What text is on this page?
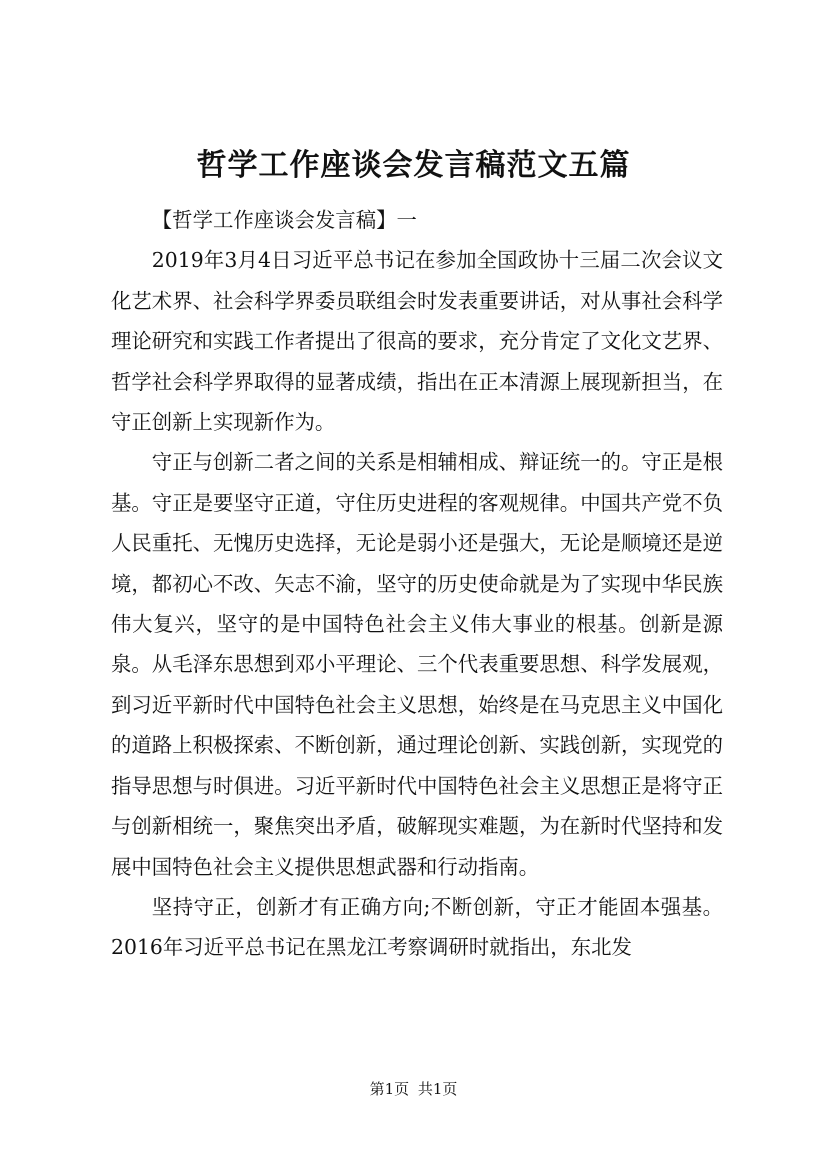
哲学工作座谈会发言稿范文五篇

【哲学工作座谈会发言稿】一

2019年3月4日习近平总书记在参加全国政协十三届二次会议文化艺术界、社会科学界委员联组会时发表重要讲话，对从事社会科学理论研究和实践工作者提出了很高的要求，充分肯定了文化文艺界、哲学社会科学界取得的显著成绩，指出在正本清源上展现新担当，在守正创新上实现新作为。

守正与创新二者之间的关系是相辅相成、辩证统一的。守正是根基。守正是要坚守正道，守住历史进程的客观规律。中国共产党不负人民重托、无愧历史选择，无论是弱小还是强大，无论是顺境还是逆境，都初心不改、矢志不渝，坚守的历史使命就是为了实现中华民族伟大复兴，坚守的是中国特色社会主义伟大事业的根基。创新是源泉。从毛泽东思想到邓小平理论、三个代表重要思想、科学发展观，到习近平新时代中国特色社会主义思想，始终是在马克思主义中国化的道路上积极探索、不断创新，通过理论创新、实践创新，实现党的指导思想与时俱进。习近平新时代中国特色社会主义思想正是将守正与创新相统一，聚焦突出矛盾，破解现实难题，为在新时代坚持和发展中国特色社会主义提供思想武器和行动指南。

坚持守正，创新才有正确方向;不断创新，守正才能固本强基。2016年习近平总书记在黑龙江考察调研时就指出，东北发

第1页 共1页
